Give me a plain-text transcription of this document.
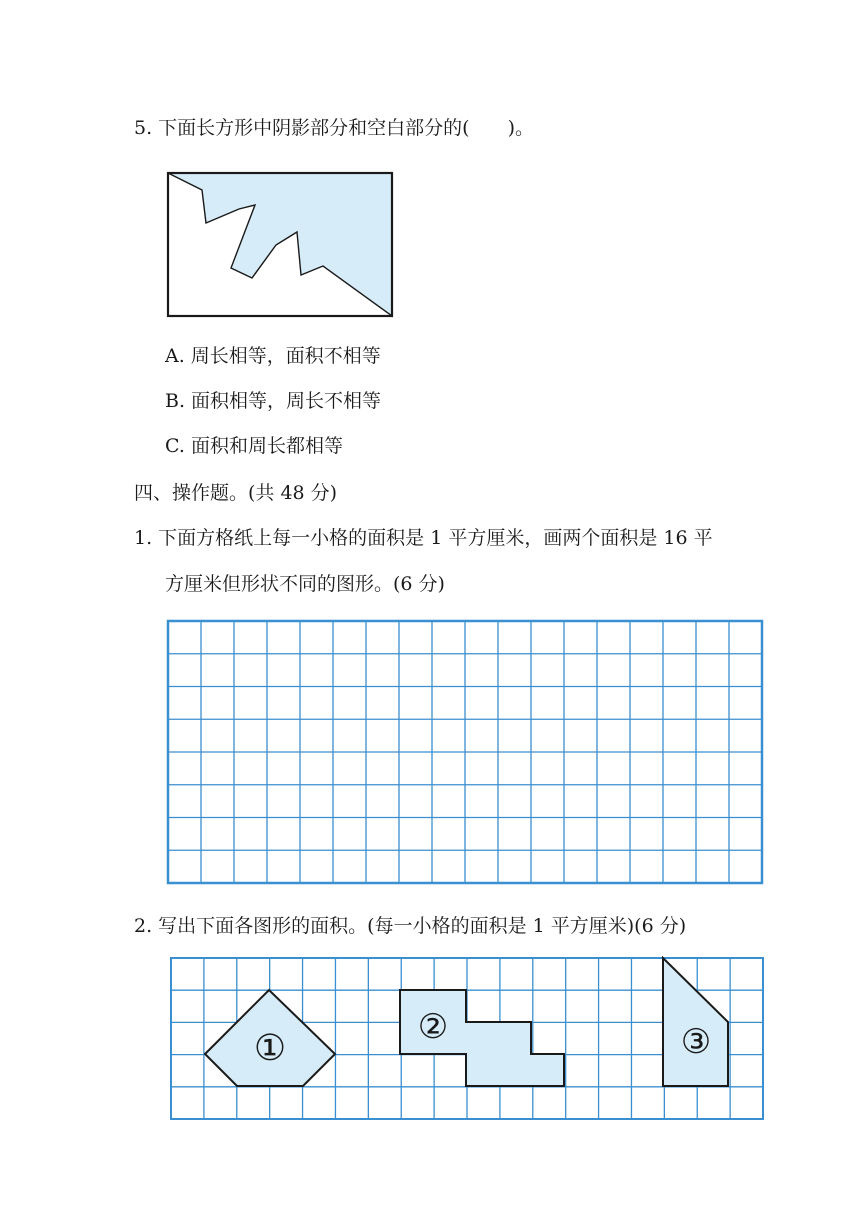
5. 下面长方形中阴影部分和空白部分的(　　)。
A. 周长相等，面积不相等
B. 面积相等，周长不相等
C. 面积和周长都相等
四、操作题。(共 48 分)
1. 下面方格纸上每一小格的面积是 1 平方厘米，画两个面积是 16 平
方厘米但形状不同的图形。(6 分)
2. 写出下面各图形的面积。(每一小格的面积是 1 平方厘米)(6 分)
①
②	③
